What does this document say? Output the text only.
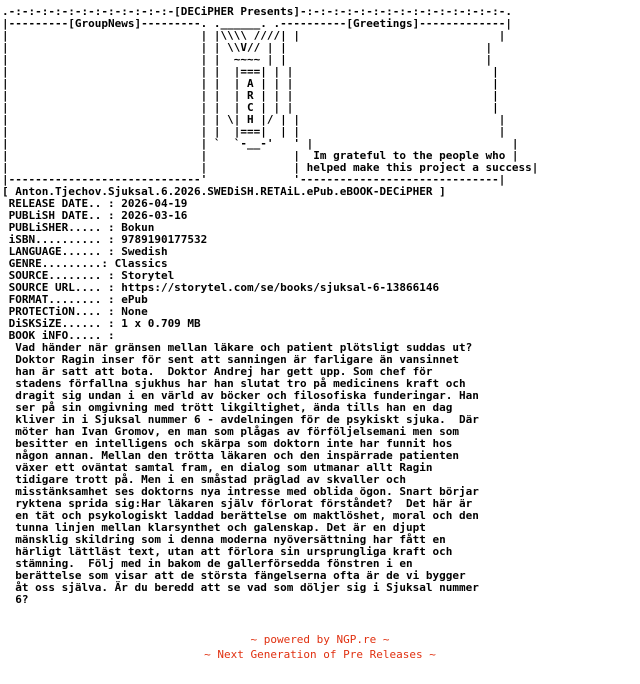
.-:-:-:-:-:-:-:-:-:-:-:-:-[DECiPHER Presents]-:-:-:-:-:-:-:-:-:-:-:-:-:-:-:-.
|---------[GroupNews]---------. .______. .----------[Greetings]-------------|
|                             | |\\\\ ////| |                              |
|                             | | \\V// | |                              |
|                             | |  ~~~~ | |                              |
|                             | |  |===| | |                              |
|                             | |  | A | | |                              |
|                             | |  | R | | |                              |
|                             | |  | C | | |                              |
|                             | | \| H |/ | |                              |
|                             | |  |===|  | |                              |
|                             | `  `-__-'   ' |                              |
|                             |             |  Im grateful to the people who |
|                             |             | helped make this project a success|
|-----------------------------'             '------------------------------|
[ Anton.Tjechov.Sjuksal.6.2026.SWEDiSH.RETAiL.ePub.eBOOK-DECiPHER ]
RELEASE DATE.. : 2026-04-19
PUBLiSH DATE.. : 2026-03-16
PUBLiSHER..... : Bokun
iSBN.......... : 9789190177532
LANGUAGE...... : Swedish
GENRE.........: Classics
SOURCE........ : Storytel
SOURCE URL.... : https://storytel.com/se/books/sjuksal-6-13866146
FORMAT........ : ePub
PROTECTiON.... : None
DiSKSiZE...... : 1 x 0.709 MB
BOOK iNFO..... :
Vad händer när gränsen mellan läkare och patient plötsligt suddas ut?
Doktor Ragin inser för sent att sanningen är farligare än vansinnet
han är satt att bota.  Doktor Andrej har gett upp. Som chef för
stadens förfallna sjukhus har han slutat tro på medicinens kraft och
dragit sig undan i en värld av böcker och filosofiska funderingar. Han
ser på sin omgivning med trött likgiltighet, ända tills han en dag
kliver in i Sjuksal nummer 6 - avdelningen för de psykiskt sjuka.  Där
möter han Ivan Gromov, en man som plågas av förföljelsemani men som
besitter en intelligens och skärpa som doktorn inte har funnit hos
någon annan. Mellan den trötta läkaren och den inspärrade patienten
växer ett oväntat samtal fram, en dialog som utmanar allt Ragin
tidigare trott på. Men i en småstad präglad av skvaller och
misstänksamhet ses doktorns nya intresse med oblida ögon. Snart börjar
ryktena sprida sig:Har läkaren själv förlorat förståndet?  Det här är
en tät och psykologiskt laddad berättelse om maktlöshet, moral och den
tunna linjen mellan klarsynthet och galenskap. Det är en djupt
mänsklig skildring som i denna moderna nyöversättning har fått en
härligt lättläst text, utan att förlora sin ursprungliga kraft och
stämning.  Följ med in bakom de gallerförsedda fönstren i en
berättelse som visar att de största fängelserna ofta är de vi bygger
åt oss själva. Är du beredd att se vad som döljer sig i Sjuksal nummer
6?
~ powered by NGP.re ~
~ Next Generation of Pre Releases ~
